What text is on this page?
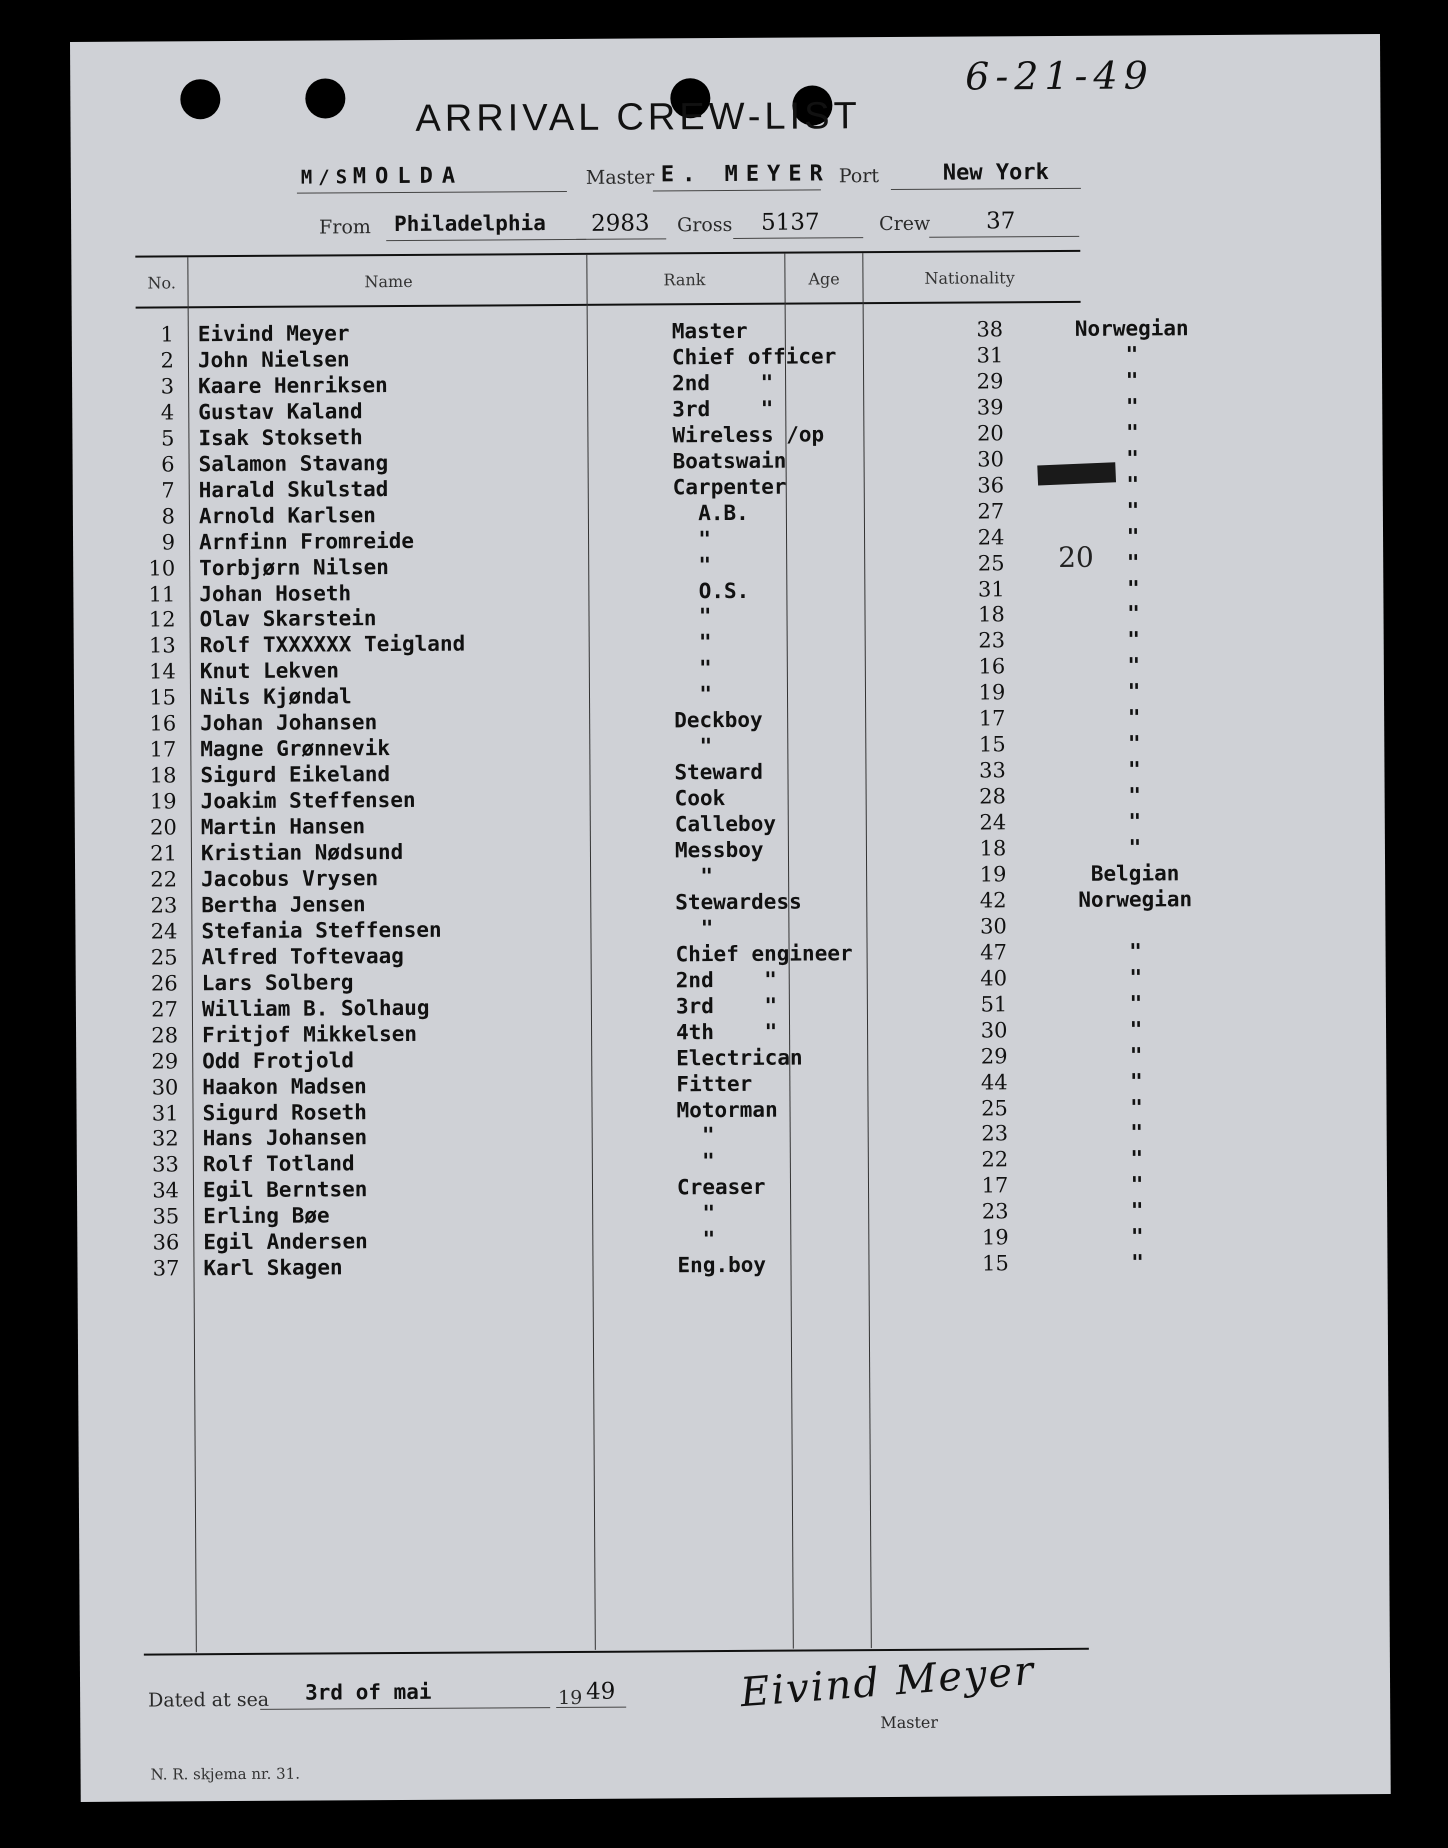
6-21-49
ARRIVAL CREW-LIST
M/S MOLDA	Master E. MEYER Port	New York
From Philadelphia 2983 Gross 5137	Crew 37
No.	Name	Rank	Age	Nationality
1 Eivind Meyer	Master	38	Norwegian
2 John Nielsen	Chief officer	31	"
3 Kaare Henriksen	2nd    "	29	"
4 Gustav Kaland	3rd    "	39	"
5 Isak Stokseth	Wireless /op	20	"
6 Salamon Stavang	Boatswain	30	"
7 Harald Skulstad	Carpenter	36	"
8 Arnold Karlsen	A.B.	27	"
9 Arnfinn Fromreide	"	24	"
10 Torbjørn Nilsen	"	25	"
11 Johan Hoseth	O.S.	31	"
12 Olav Skarstein	"	18	"
13 Rolf TXXXXXX Teigland	"	23	"
14 Knut Lekven	"	16	"
15 Nils Kjøndal	"	19	"
16 Johan Johansen	Deckboy	17	"
17 Magne Grønnevik	"	15	"
18 Sigurd Eikeland	Steward	33	"
19 Joakim Steffensen	Cook	28	"
20 Martin Hansen	Calleboy	24	"
21 Kristian Nødsund	Messboy	18	"
22 Jacobus Vrysen	"	19	Belgian
23 Bertha Jensen	Stewardess	42	Norwegian
24 Stefania Steffensen	"	30
25 Alfred Toftevaag	Chief engineer	47	"
26 Lars Solberg	2nd    "	40	"
27 William B. Solhaug	3rd    "	51	"
28 Fritjof Mikkelsen	4th    "	30	"
29 Odd Frotjold	Electrican	29	"
30 Haakon Madsen	Fitter	44	"
31 Sigurd Roseth	Motorman	25	"
32 Hans Johansen	"	23	"
33 Rolf Totland	"	22	"
34 Egil Berntsen	Creaser	17	"
35 Erling Bøe	"	23	"
36 Egil Andersen	"	19	"
37 Karl Skagen	Eng.boy	15	"
20
Dated at sea 3rd of mai	19 49	Eivind Meyer
Master
N. R. skjema nr. 31.
